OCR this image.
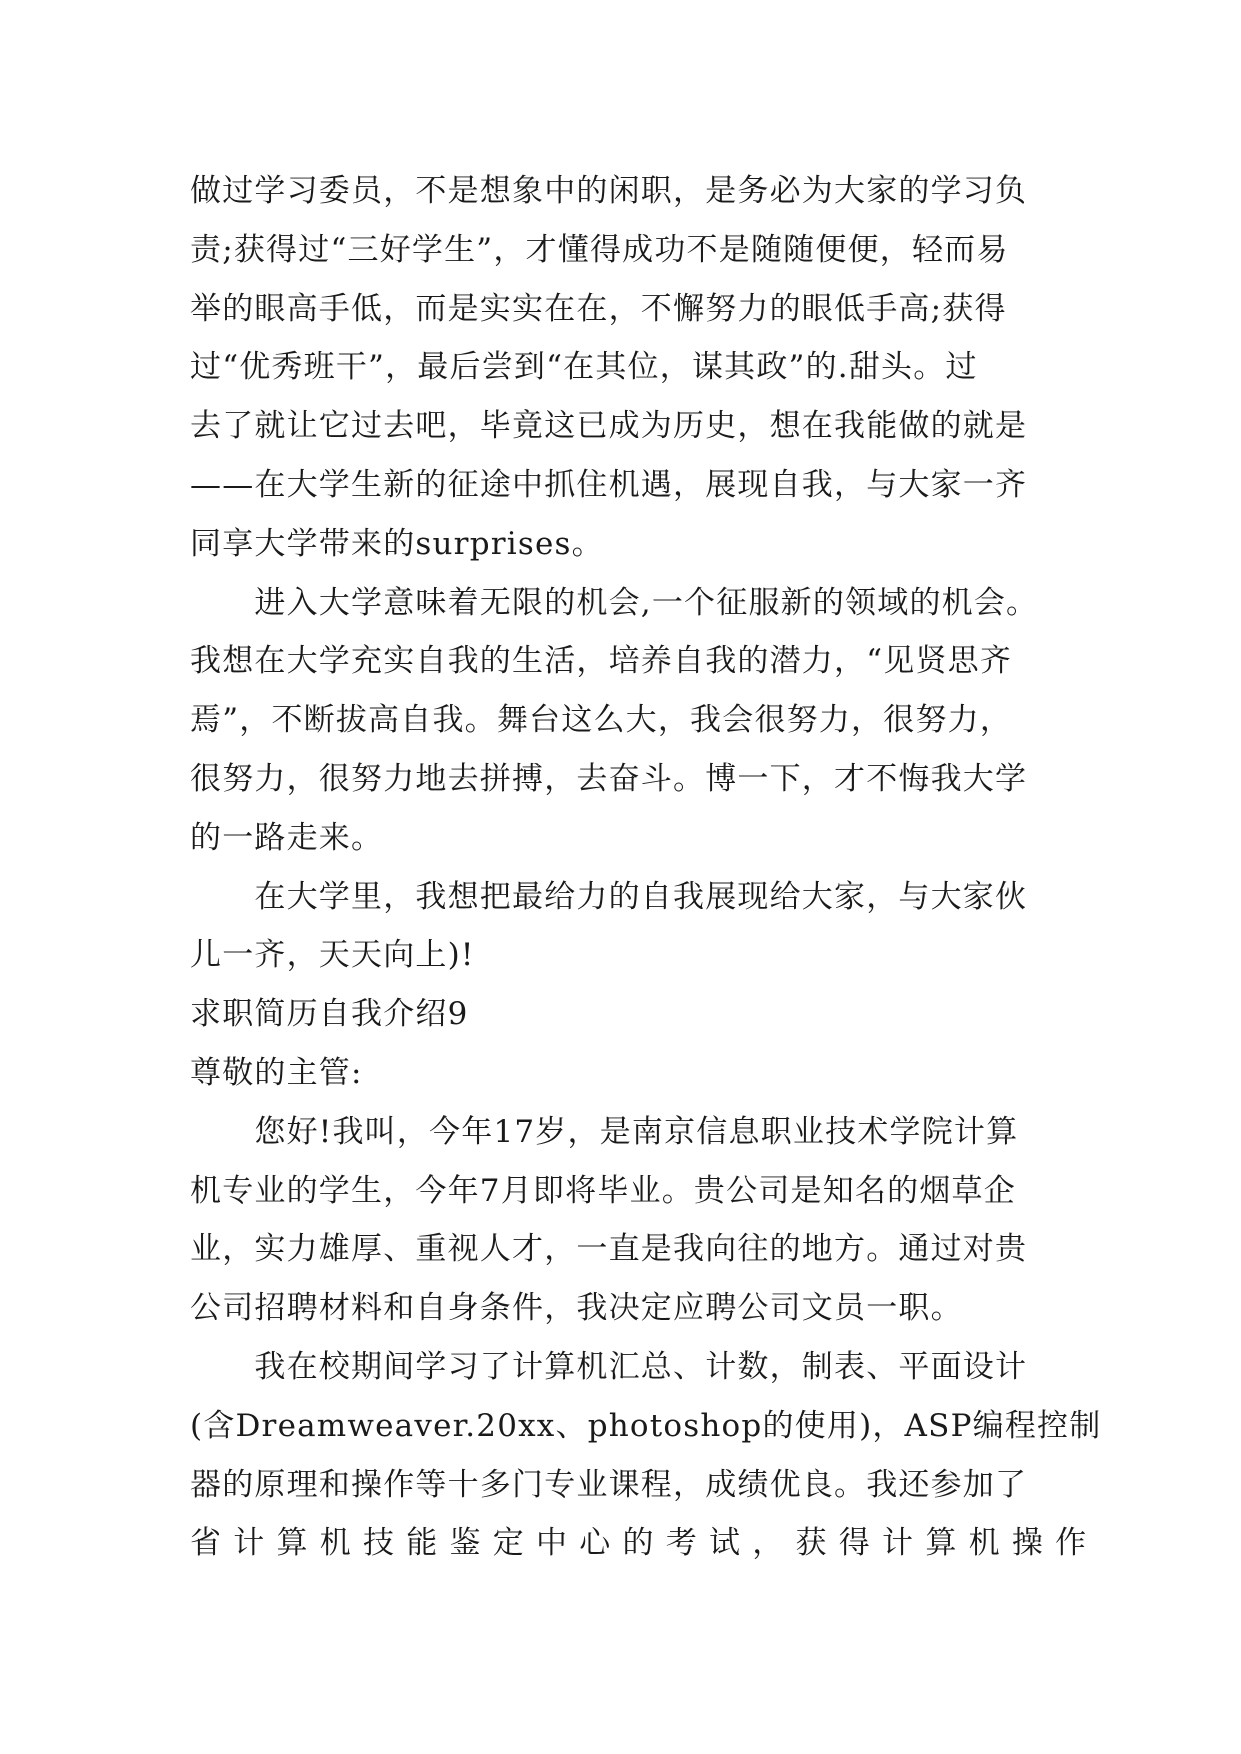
做过学习委员，不是想象中的闲职，是务必为大家的学习负
责;获得过“三好学生”，才懂得成功不是随随便便，轻而易
举的眼高手低，而是实实在在，不懈努力的眼低手高;获得
过“优秀班干”，最后尝到“在其位，谋其政”的.甜头。过
去了就让它过去吧，毕竟这已成为历史，想在我能做的就是
——在大学生新的征途中抓住机遇，展现自我，与大家一齐
同享大学带来的surprises。
　　进入大学意味着无限的机会,一个征服新的领域的机会。
我想在大学充实自我的生活，培养自我的潜力，“见贤思齐
焉”，不断拔高自我。舞台这么大，我会很努力，很努力，
很努力，很努力地去拼搏，去奋斗。博一下，才不悔我大学
的一路走来。
　　在大学里，我想把最给力的自我展现给大家，与大家伙
儿一齐，天天向上)!
求职简历自我介绍9
尊敬的主管:
　　您好!我叫，今年17岁，是南京信息职业技术学院计算
机专业的学生，今年7月即将毕业。贵公司是知名的烟草企
业，实力雄厚、重视人才，一直是我向往的地方。通过对贵
公司招聘材料和自身条件，我决定应聘公司文员一职。
　　我在校期间学习了计算机汇总、计数，制表、平面设计
(含Dreamweaver.20xx、photoshop的使用)，ASP编程控制
器的原理和操作等十多门专业课程，成绩优良。我还参加了
省 计 算 机 技 能 鉴 定 中 心 的 考 试 ， 获 得 计 算 机 操 作
